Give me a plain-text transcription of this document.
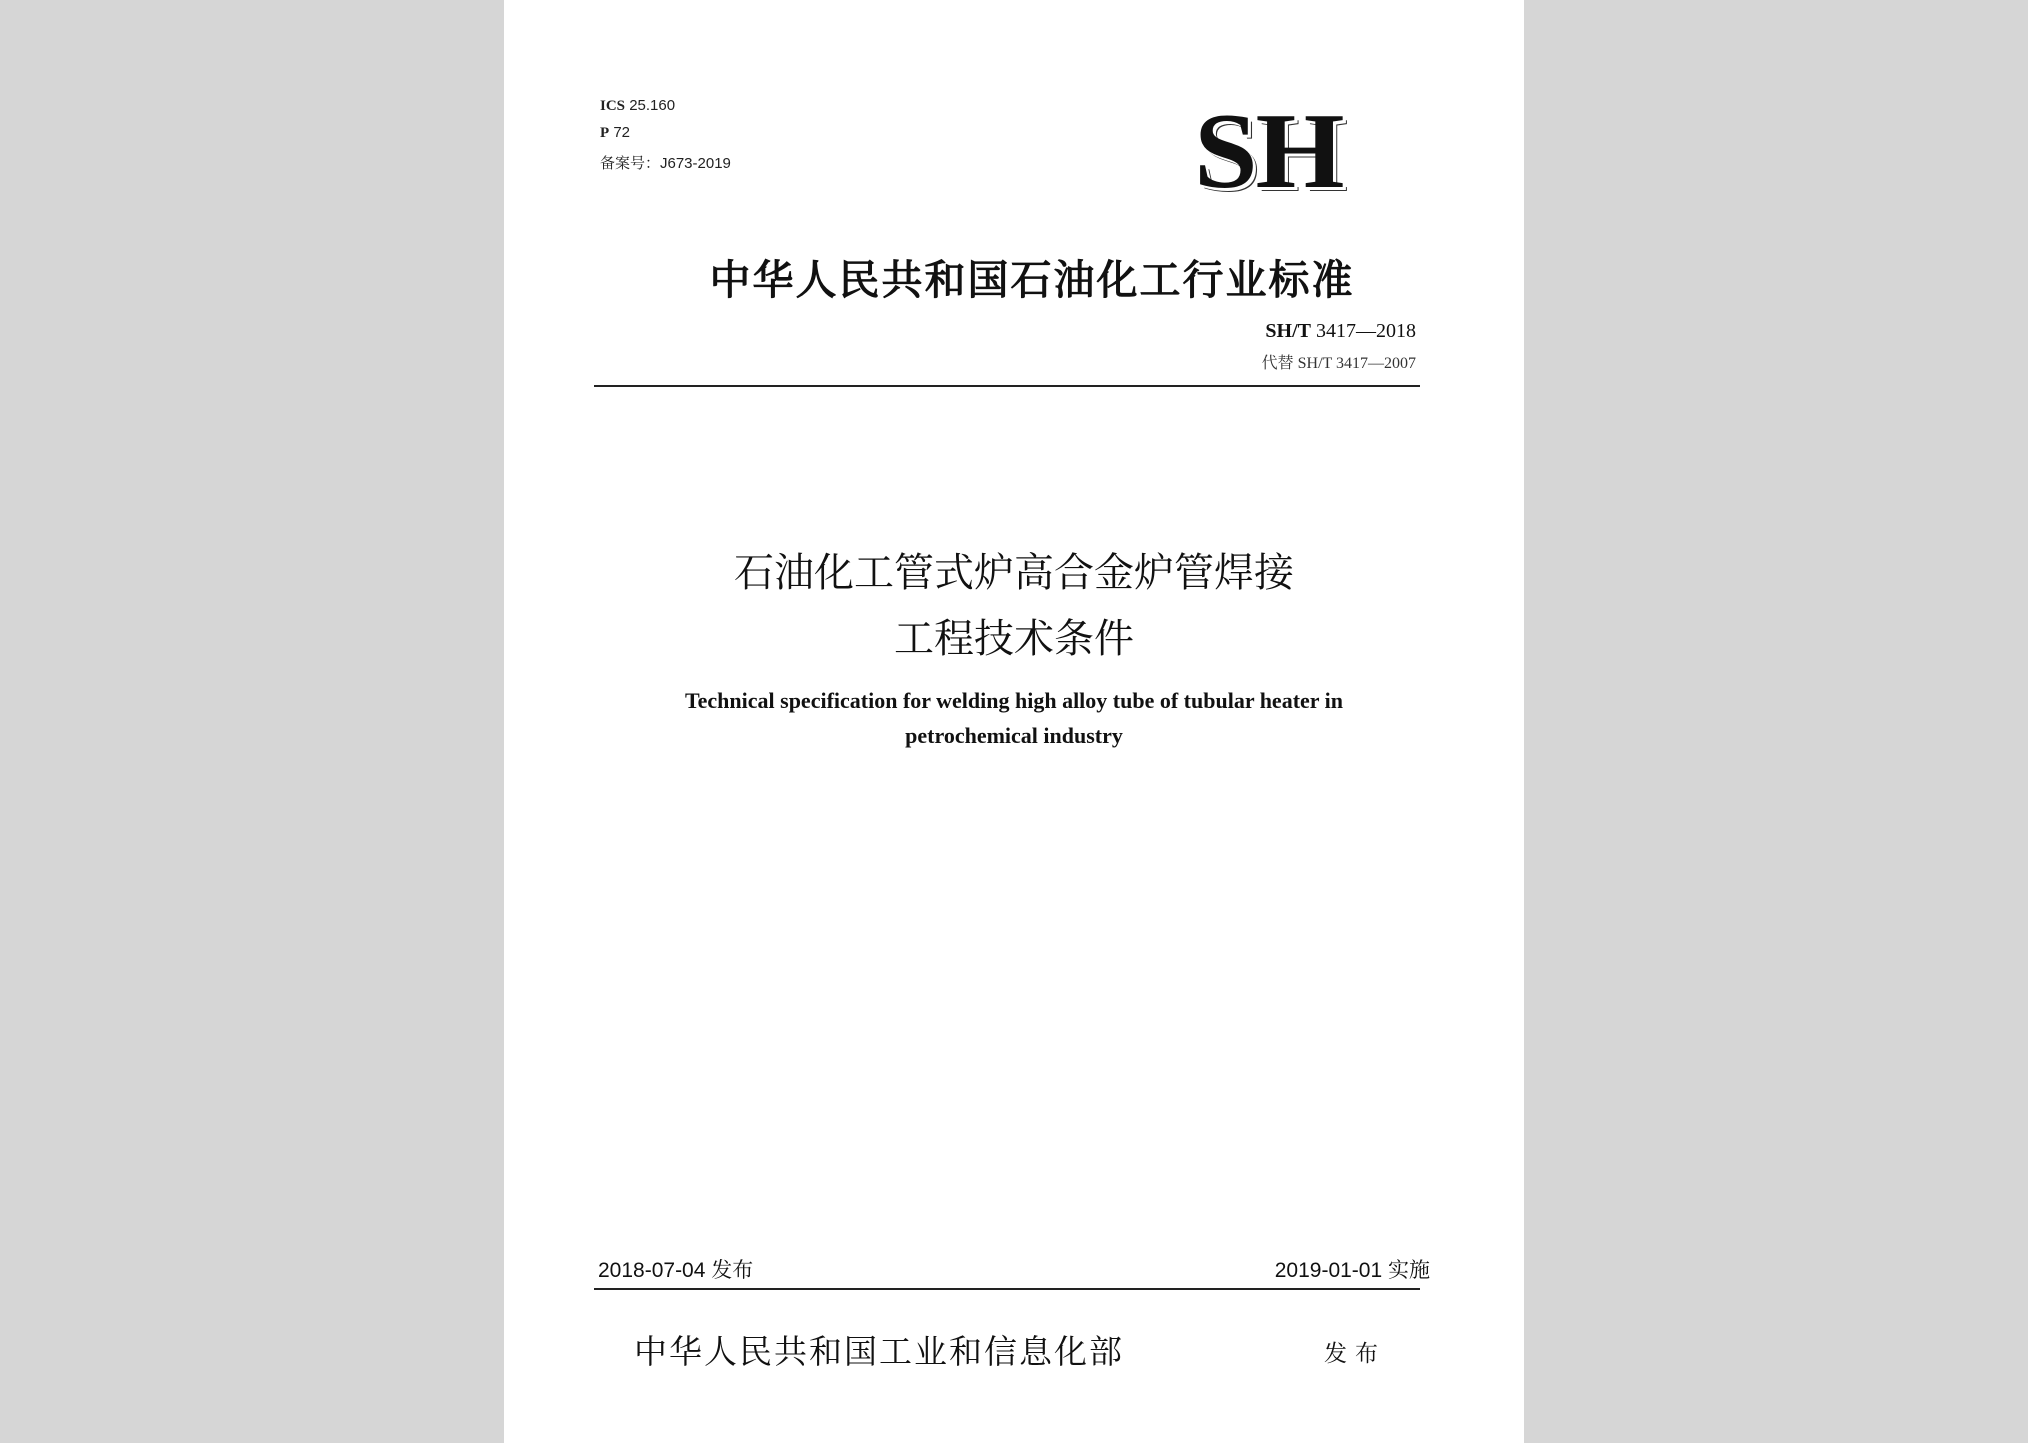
ICS 25.160
P 72
备案号：J673-2019	SH
中华人民共和国石油化工行业标准
SH/T 3417—2018
代替 SH/T 3417—2007
石油化工管式炉高合金炉管焊接
工程技术条件
Technical specification for welding high alloy tube of tubular heater in
petrochemical industry
2018-07-04 发布	2019-01-01 实施
中华人民共和国工业和信息化部	发布
